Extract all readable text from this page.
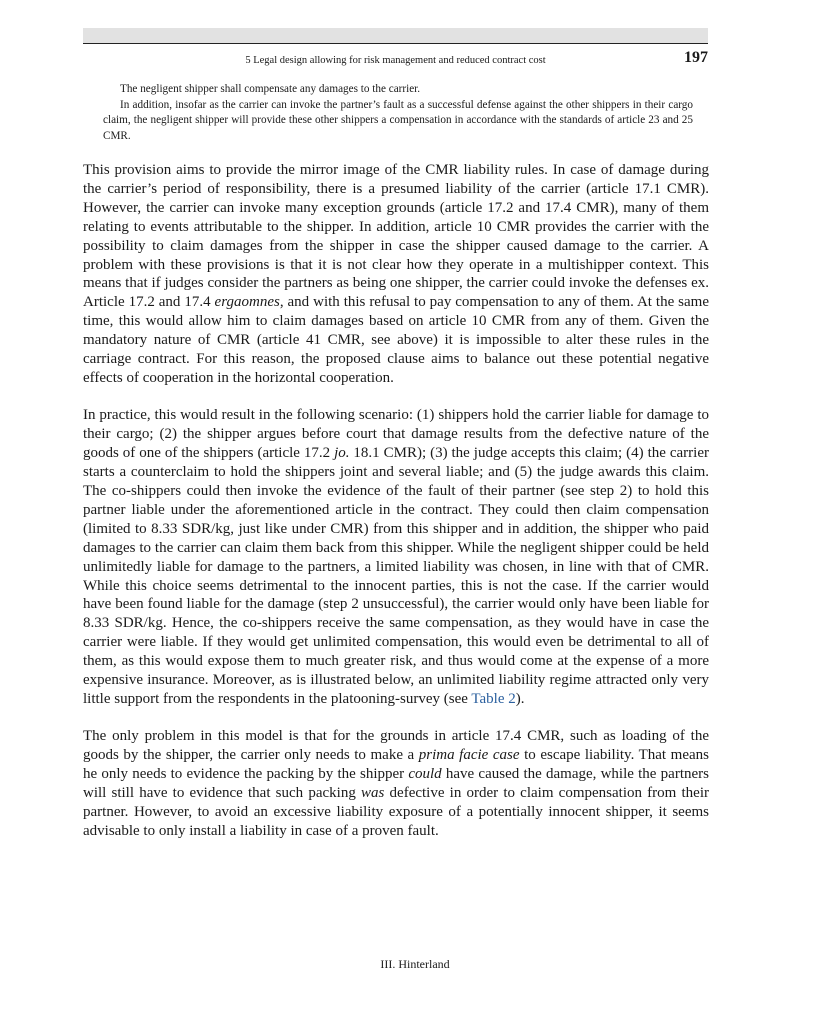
5 Legal design allowing for risk management and reduced contract cost	197

The negligent shipper shall compensate any damages to the carrier.

In addition, insofar as the carrier can invoke the partner’s fault as a successful defense against the other shippers in their cargo claim, the negligent shipper will provide these other shippers a compensation in accordance with the standards of article 23 and 25 CMR.

This provision aims to provide the mirror image of the CMR liability rules. In case of damage during the carrier’s period of responsibility, there is a presumed liability of the carrier (article 17.1 CMR). However, the carrier can invoke many exception grounds (article 17.2 and 17.4 CMR), many of them relating to events attributable to the shipper. In addition, article 10 CMR provides the carrier with the possibility to claim damages from the shipper in case the shipper caused damage to the carrier. A problem with these provisions is that it is not clear how they operate in a multishipper context. This means that if judges consider the partners as being one shipper, the carrier could invoke the defenses ex. Article 17.2 and 17.4 ergaomnes, and with this refusal to pay compensation to any of them. At the same time, this would allow him to claim damages based on article 10 CMR from any of them. Given the mandatory nature of CMR (article 41 CMR, see above) it is impossible to alter these rules in the carriage contract. For this reason, the proposed clause aims to balance out these potential negative effects of cooperation in the horizontal cooperation.

In practice, this would result in the following scenario: (1) shippers hold the carrier liable for damage to their cargo; (2) the shipper argues before court that damage results from the defective nature of the goods of one of the shippers (article 17.2 jo. 18.1 CMR); (3) the judge accepts this claim; (4) the carrier starts a counterclaim to hold the shippers joint and several liable; and (5) the judge awards this claim. The co-shippers could then invoke the evidence of the fault of their partner (see step 2) to hold this partner liable under the aforementioned article in the contract. They could then claim compensation (limited to 8.33 SDR/kg, just like under CMR) from this shipper and in addition, the shipper who paid damages to the carrier can claim them back from this shipper. While the negligent shipper could be held unlimitedly liable for damage to the partners, a limited liability was chosen, in line with that of CMR. While this choice seems detrimental to the innocent parties, this is not the case. If the carrier would have been found liable for the damage (step 2 unsuccessful), the carrier would only have been liable for 8.33 SDR/kg. Hence, the co-shippers receive the same compensation, as they would have in case the carrier were liable. If they would get unlimited compensation, this would even be detrimental to all of them, as this would expose them to much greater risk, and thus would come at the expense of a more expensive insurance. Moreover, as is illustrated below, an unlimited liability regime attracted only very little support from the respondents in the platooning-survey (see Table 2).

The only problem in this model is that for the grounds in article 17.4 CMR, such as loading of the goods by the shipper, the carrier only needs to make a prima facie case to escape liability. That means he only needs to evidence the packing by the shipper could have caused the damage, while the partners will still have to evidence that such packing was defective in order to claim compensation from their partner. However, to avoid an excessive liability exposure of a potentially innocent shipper, it seems advisable to only install a liability in case of a proven fault.

III. Hinterland
